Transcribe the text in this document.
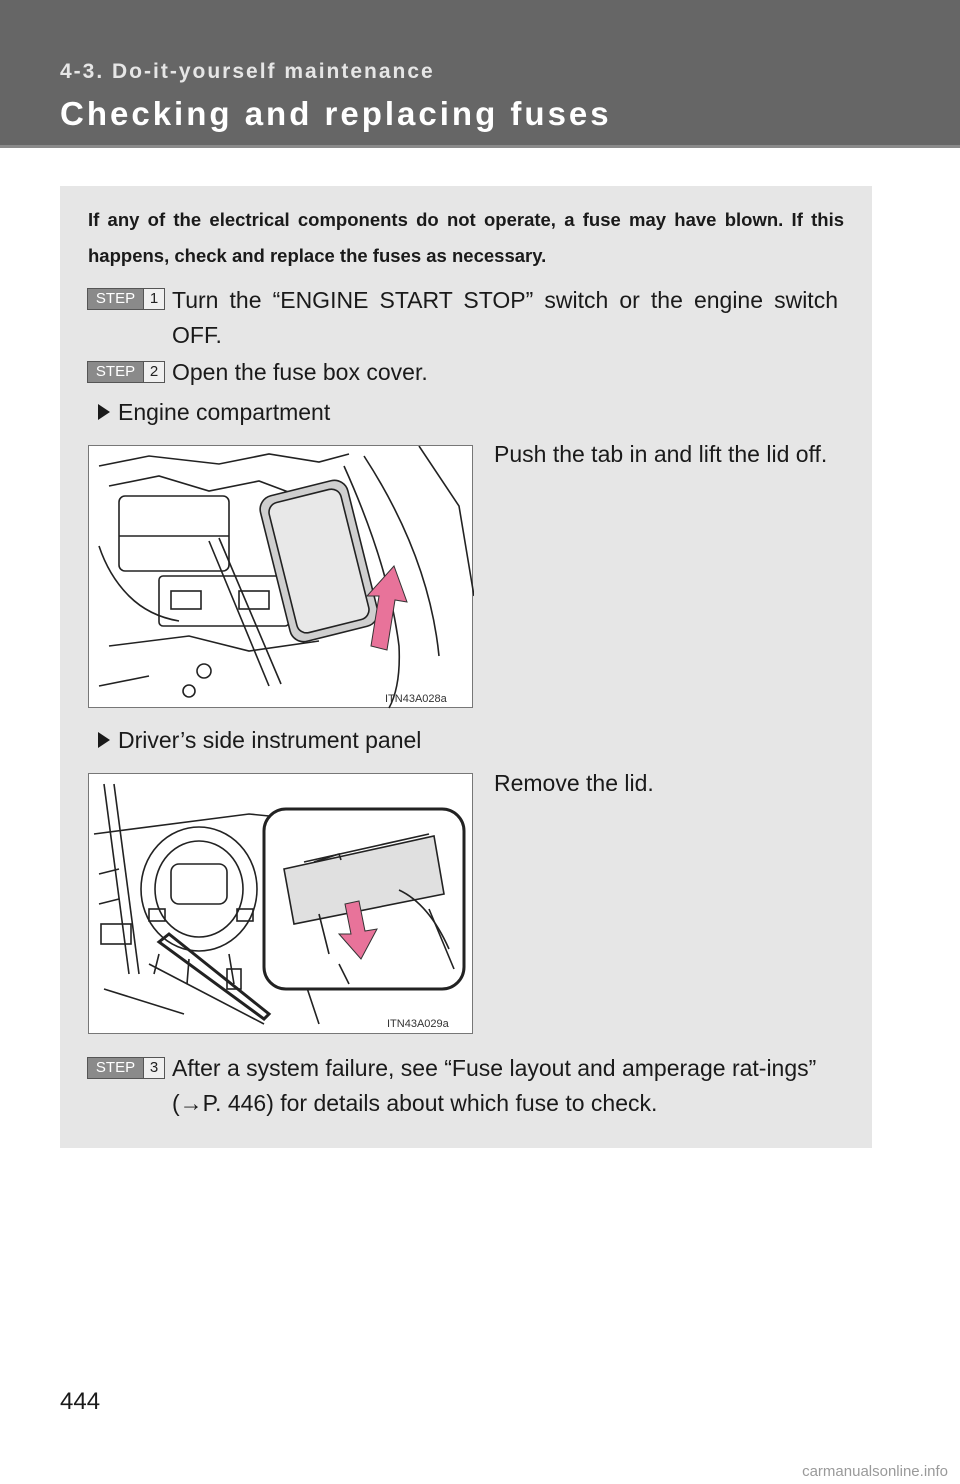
4-3. Do-it-yourself maintenance
Checking and replacing fuses
If any of the electrical components do not operate, a fuse may have blown. If this happens, check and replace the fuses as necessary.
STEP 1 Turn the “ENGINE START STOP” switch or the engine switch OFF.
STEP 2 Open the fuse box cover.
Engine compartment
Push the tab in and lift the lid off.
ITN43A028a
Driver’s side instrument panel
Remove the lid.
ITN43A029a
STEP 3 After a system failure, see “Fuse layout and amperage rat-ings” (→P. 446) for details about which fuse to check.
444
carmanualsonline.info
